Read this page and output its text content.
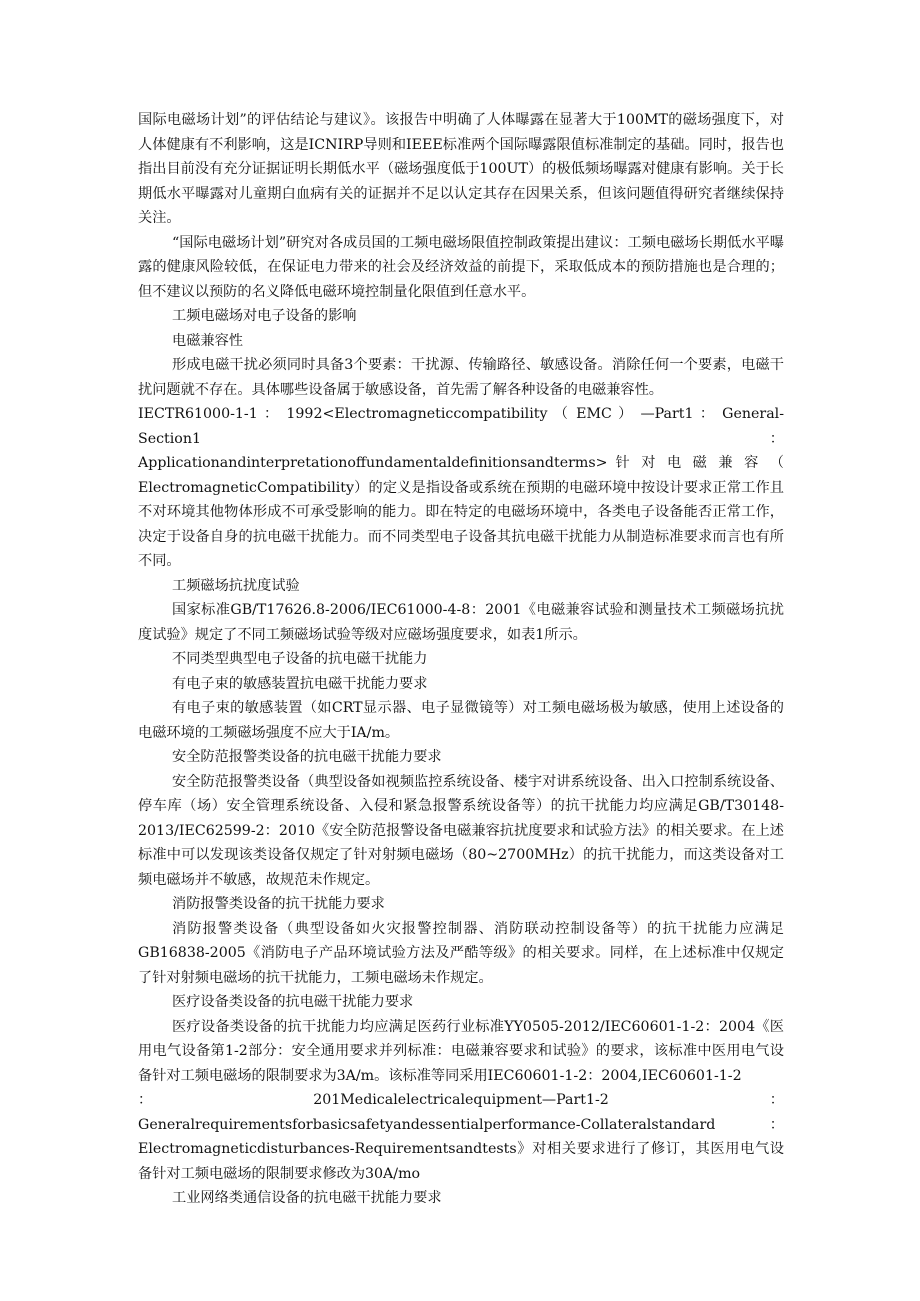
国际电磁场计划”的评估结论与建议》。该报告中明确了人体曝露在显著大于100MT的磁场强度下，对人体健康有不利影响，这是ICNIRP导则和IEEE标准两个国际曝露限值标准制定的基础。同时，报告也指出目前没有充分证据证明长期低水平（磁场强度低于100UT）的极低频场曝露对健康有影响。关于长期低水平曝露对儿童期白血病有关的证据并不足以认定其存在因果关系，但该问题值得研究者继续保持关注。

“国际电磁场计划”研究对各成员国的工频电磁场限值控制政策提出建议：工频电磁场长期低水平曝露的健康风险较低，在保证电力带来的社会及经济效益的前提下，采取低成本的预防措施也是合理的；但不建议以预防的名义降低电磁环境控制量化限值到任意水平。

工频电磁场对电子设备的影响

电磁兼容性

形成电磁干扰必须同时具备3个要素：干扰源、传输路径、敏感设备。消除任何一个要素，电磁干扰问题就不存在。具体哪些设备属于敏感设备，首先需了解各种设备的电磁兼容性。

IECTR61000-1-1 ： 1992<Electromagneticcompatibility （ EMC ） —Part1 ： General-Section1 ：

Applicationandinterpretationoffundamentaldefinitionsandterms> 针 对 电 磁 兼 容 （

ElectromagneticCompatibility）的定义是指设备或系统在预期的电磁环境中按设计要求正常工作且不对环境其他物体形成不可承受影响的能力。即在特定的电磁场环境中，各类电子设备能否正常工作，决定于设备自身的抗电磁干扰能力。而不同类型电子设备其抗电磁干扰能力从制造标准要求而言也有所不同。

工频磁场抗扰度试验

国家标准GB/T17626.8-2006/IEC61000-4-8：2001《电磁兼容试验和测量技术工频磁场抗扰度试验》规定了不同工频磁场试验等级对应磁场强度要求，如表1所示。

不同类型典型电子设备的抗电磁干扰能力

有电子束的敏感装置抗电磁干扰能力要求

有电子束的敏感装置（如CRT显示器、电子显微镜等）对工频电磁场极为敏感，使用上述设备的电磁环境的工频磁场强度不应大于IA/m。

安全防范报警类设备的抗电磁干扰能力要求

安全防范报警类设备（典型设备如视频监控系统设备、楼宇对讲系统设备、出入口控制系统设备、停车库（场）安全管理系统设备、入侵和紧急报警系统设备等）的抗干扰能力均应满足GB/T30148-2013/IEC62599-2：2010《安全防范报警设备电磁兼容抗扰度要求和试验方法》的相关要求。在上述标准中可以发现该类设备仅规定了针对射频电磁场（80~2700MHz）的抗干扰能力，而这类设备对工频电磁场并不敏感，故规范未作规定。

消防报警类设备的抗干扰能力要求

消防报警类设备（典型设备如火灾报警控制器、消防联动控制设备等）的抗干扰能力应满足GB16838-2005《消防电子产品环境试验方法及严酷等级》的相关要求。同样，在上述标准中仅规定了针对射频电磁场的抗干扰能力，工频电磁场未作规定。

医疗设备类设备的抗电磁干扰能力要求

医疗设备类设备的抗干扰能力均应满足医药行业标准YY0505-2012/IEC60601-1-2：2004《医用电气设备第1-2部分：安全通用要求并列标准：电磁兼容要求和试验》的要求，该标准中医用电气设备针对工频电磁场的限制要求为3A/m。该标准等同采用IEC60601-1-2：2004,IEC60601-1-2

：	201Medicalelectricalequipment—Part1-2	：

Generalrequirementsforbasicsafetyandessentialperformance-Collateralstandard	：

Electromagneticdisturbances-Requirementsandtests》对相关要求进行了修订，其医用电气设备针对工频电磁场的限制要求修改为30A∕mo

工业网络类通信设备的抗电磁干扰能力要求
